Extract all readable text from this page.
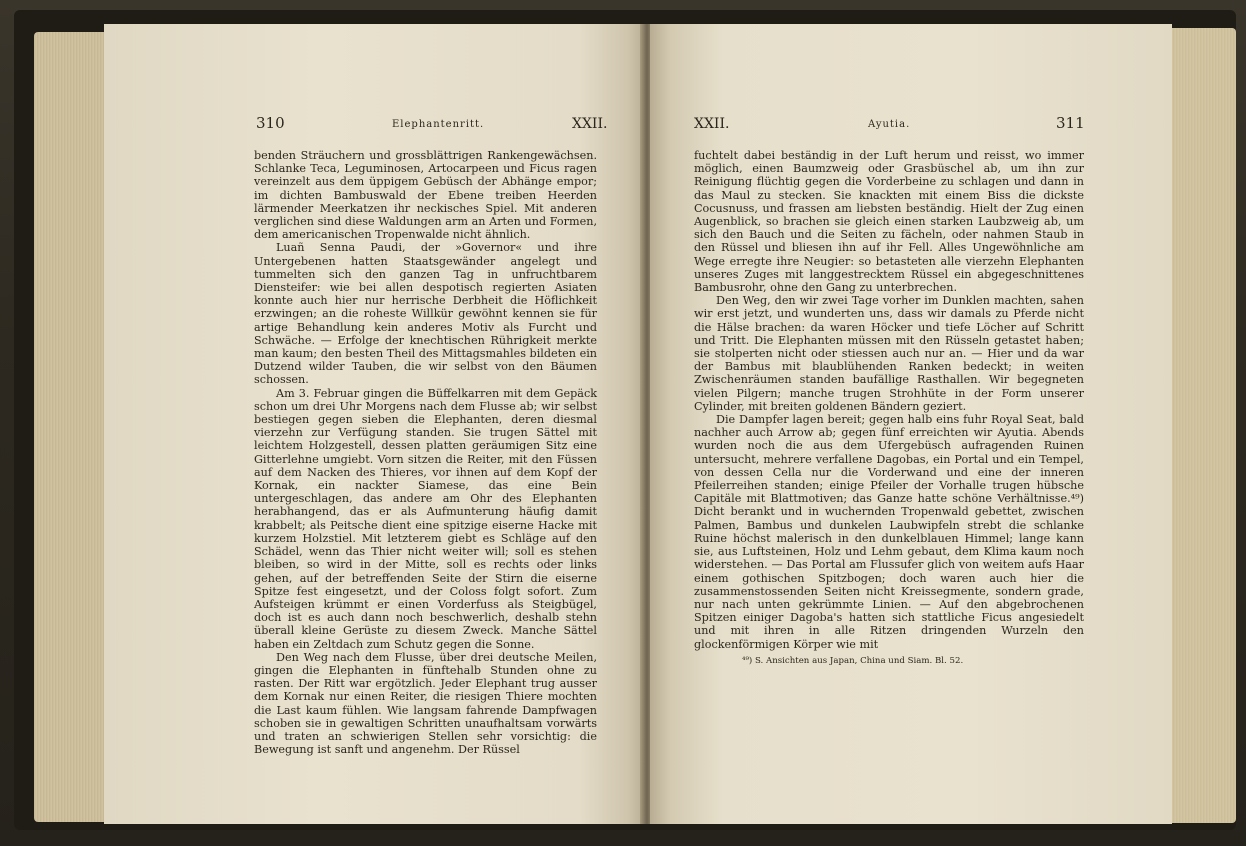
310	Elephantenritt.	XXII.

benden Sträuchern und grossblättrigen Rankengewächsen. Schlanke Teca, Leguminosen, Artocarpeen und Ficus ragen vereinzelt aus dem üppigem Gebüsch der Abhänge empor; im dichten Bambuswald der Ebene treiben Heerden lärmender Meerkatzen ihr neckisches Spiel. Mit anderen verglichen sind diese Waldungen arm an Arten und Formen, dem americanischen Tropenwalde nicht ähnlich.

Luañ Senna Paudi, der »Governor« und ihre Untergebenen hatten Staatsgewänder angelegt und tummelten sich den ganzen Tag in unfruchtbarem Diensteifer: wie bei allen despotisch regierten Asiaten konnte auch hier nur herrische Derbheit die Höflichkeit erzwingen; an die roheste Willkür gewöhnt kennen sie für artige Behandlung kein anderes Motiv als Furcht und Schwäche. — Erfolge der knechtischen Rührigkeit merkte man kaum; den besten Theil des Mittagsmahles bildeten ein Dutzend wilder Tauben, die wir selbst von den Bäumen schossen.

Am 3. Februar gingen die Büffelkarren mit dem Gepäck schon um drei Uhr Morgens nach dem Flusse ab; wir selbst bestiegen gegen sieben die Elephanten, deren diesmal vierzehn zur Verfügung standen. Sie trugen Sättel mit leichtem Holzgestell, dessen platten geräumigen Sitz eine Gitterlehne umgiebt. Vorn sitzen die Reiter, mit den Füssen auf dem Nacken des Thieres, vor ihnen auf dem Kopf der Kornak, ein nackter Siamese, das eine Bein untergeschlagen, das andere am Ohr des Elephanten herabhangend, das er als Aufmunterung häufig damit krabbelt; als Peitsche dient eine spitzige eiserne Hacke mit kurzem Holzstiel. Mit letzterem giebt es Schläge auf den Schädel, wenn das Thier nicht weiter will; soll es stehen bleiben, so wird in der Mitte, soll es rechts oder links gehen, auf der betreffenden Seite der Stirn die eiserne Spitze fest eingesetzt, und der Coloss folgt sofort. Zum Aufsteigen krümmt er einen Vorderfuss als Steigbügel, doch ist es auch dann noch beschwerlich, deshalb stehn überall kleine Gerüste zu diesem Zweck. Manche Sättel haben ein Zeltdach zum Schutz gegen die Sonne.

Den Weg nach dem Flusse, über drei deutsche Meilen, gingen die Elephanten in fünftehalb Stunden ohne zu rasten. Der Ritt war ergötzlich. Jeder Elephant trug ausser dem Kornak nur einen Reiter, die riesigen Thiere mochten die Last kaum fühlen. Wie langsam fahrende Dampfwagen schoben sie in gewaltigen Schritten unaufhaltsam vorwärts und traten an schwierigen Stellen sehr vorsichtig: die Bewegung ist sanft und angenehm. Der Rüssel

XXII.	Ayutia.	311

fuchtelt dabei beständig in der Luft herum und reisst, wo immer möglich, einen Baumzweig oder Grasbüschel ab, um ihn zur Reinigung flüchtig gegen die Vorderbeine zu schlagen und dann in das Maul zu stecken. Sie knackten mit einem Biss die dickste Cocusnuss, und frassen am liebsten beständig. Hielt der Zug einen Augenblick, so brachen sie gleich einen starken Laubzweig ab, um sich den Bauch und die Seiten zu fächeln, oder nahmen Staub in den Rüssel und bliesen ihn auf ihr Fell. Alles Ungewöhnliche am Wege erregte ihre Neugier: so betasteten alle vierzehn Elephanten unseres Zuges mit langgestrecktem Rüssel ein abgegeschnittenes Bambusrohr, ohne den Gang zu unterbrechen.

Den Weg, den wir zwei Tage vorher im Dunklen machten, sahen wir erst jetzt, und wunderten uns, dass wir damals zu Pferde nicht die Hälse brachen: da waren Höcker und tiefe Löcher auf Schritt und Tritt. Die Elephanten müssen mit den Rüsseln getastet haben; sie stolperten nicht oder stiessen auch nur an. — Hier und da war der Bambus mit blaublühenden Ranken bedeckt; in weiten Zwischenräumen standen baufällige Rasthallen. Wir begegneten vielen Pilgern; manche trugen Strohhüte in der Form unserer Cylinder, mit breiten goldenen Bändern geziert.

Die Dampfer lagen bereit; gegen halb eins fuhr Royal Seat, bald nachher auch Arrow ab; gegen fünf erreichten wir Ayutia. Abends wurden noch die aus dem Ufergebüsch aufragenden Ruinen untersucht, mehrere verfallene Dagobas, ein Portal und ein Tempel, von dessen Cella nur die Vorderwand und eine der inneren Pfeilerreihen standen; einige Pfeiler der Vorhalle trugen hübsche Capitäle mit Blattmotiven; das Ganze hatte schöne Verhältnisse.⁴⁹) Dicht berankt und in wuchernden Tropenwald gebettet, zwischen Palmen, Bambus und dunkelen Laubwipfeln strebt die schlanke Ruine höchst malerisch in den dunkelblauen Himmel; lange kann sie, aus Luftsteinen, Holz und Lehm gebaut, dem Klima kaum noch widerstehen. — Das Portal am Flussufer glich von weitem aufs Haar einem gothischen Spitzbogen; doch waren auch hier die zusammenstossenden Seiten nicht Kreissegmente, sondern grade, nur nach unten gekrümmte Linien. — Auf den abgebrochenen Spitzen einiger Dagoba's hatten sich stattliche Ficus angesiedelt und mit ihren in alle Ritzen dringenden Wurzeln den glockenförmigen Körper wie mit

⁴⁹) S. Ansichten aus Japan, China und Siam. Bl. 52.
